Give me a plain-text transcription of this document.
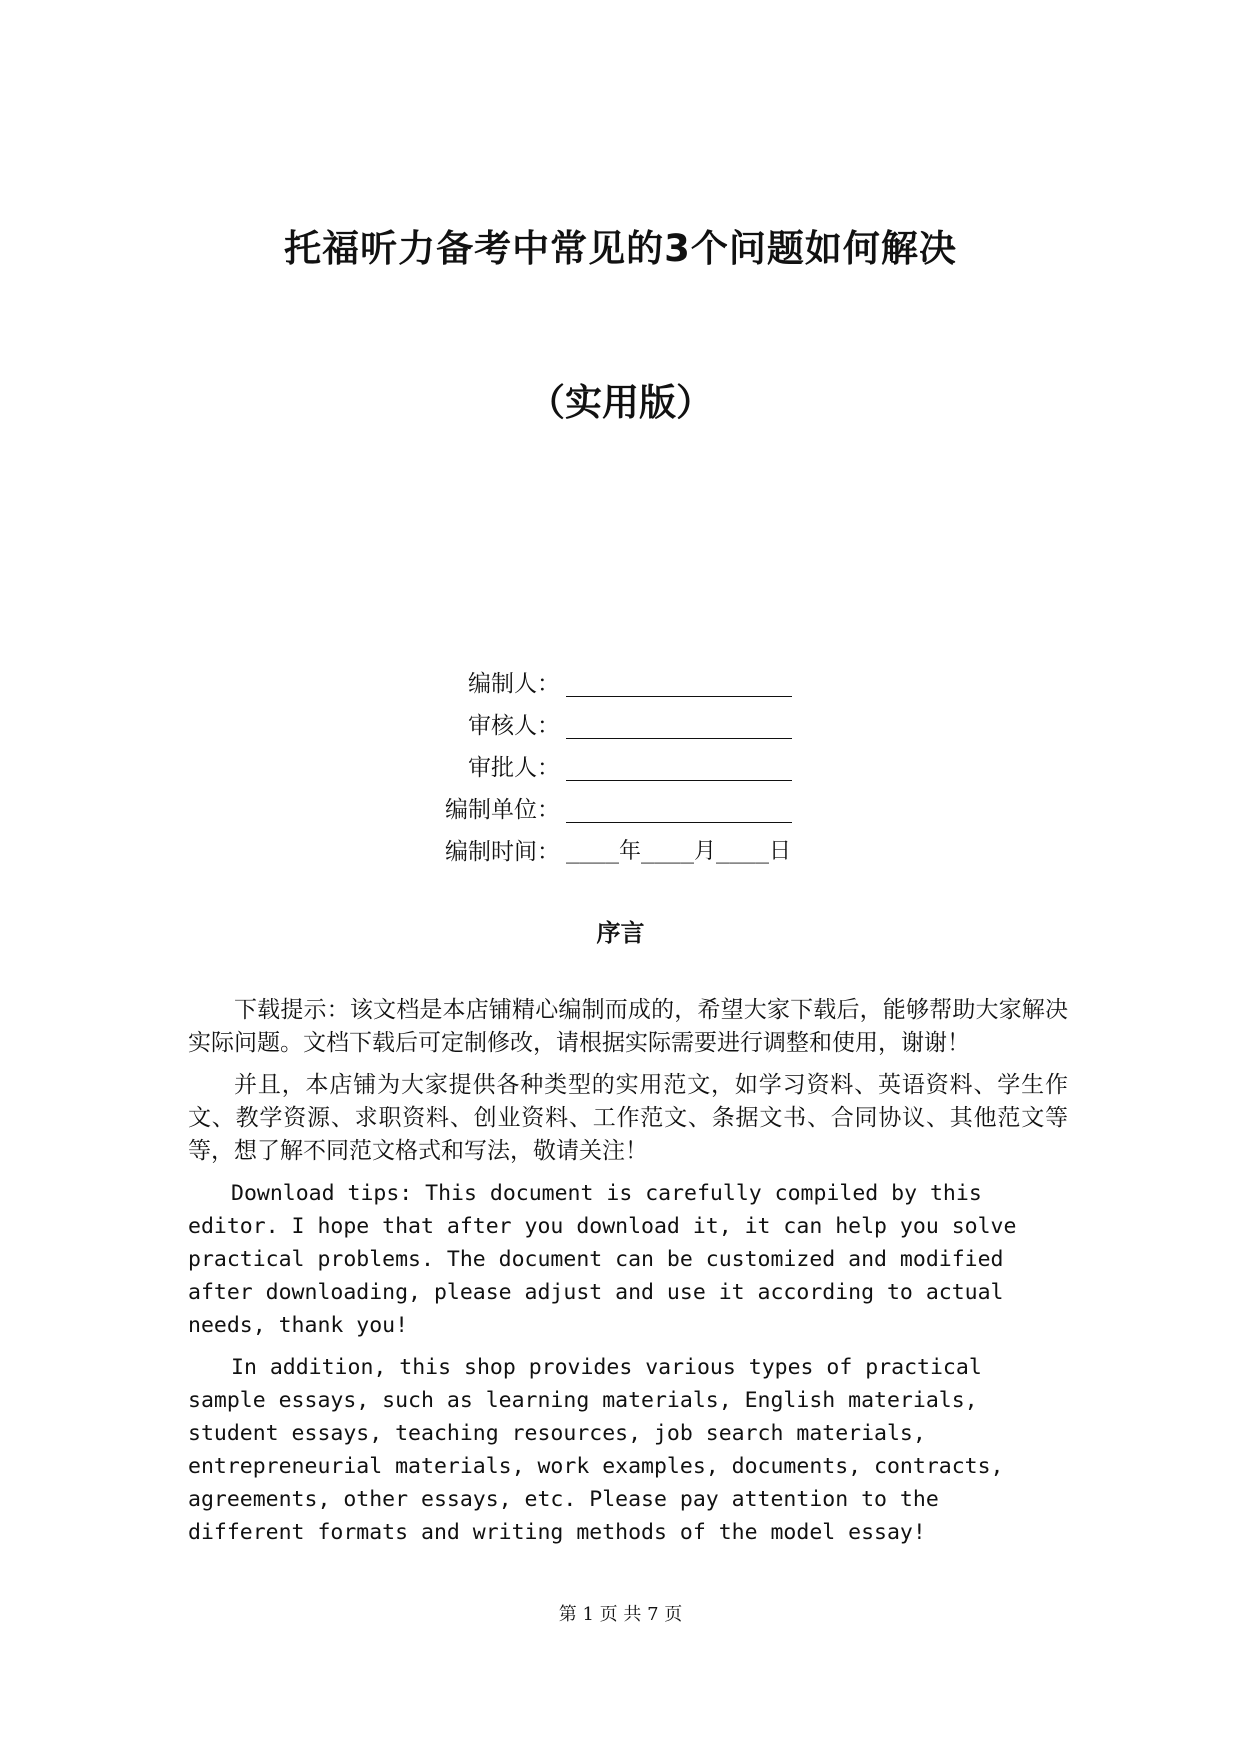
托福听力备考中常见的3个问题如何解决
（实用版）
编制人：
审核人：
审批人：
编制单位：
编制时间： ____年____月____日
序言

下载提示：该文档是本店铺精心编制而成的，希望大家下载后，能够帮助大家解决实际问题。文档下载后可定制修改，请根据实际需要进行调整和使用，谢谢！

并且，本店铺为大家提供各种类型的实用范文，如学习资料、英语资料、学生作文、教学资源、求职资料、创业资料、工作范文、条据文书、合同协议、其他范文等等，想了解不同范文格式和写法，敬请关注！

Download tips: This document is carefully compiled by this editor. I hope that after you download it, it can help you solve practical problems. The document can be customized and modified after downloading, please adjust and use it according to actual needs, thank you!

In addition, this shop provides various types of practical sample essays, such as learning materials, English materials, student essays, teaching resources, job search materials, entrepreneurial materials, work examples, documents, contracts, agreements, other essays, etc. Please pay attention to the different formats and writing methods of the model essay!

第 1 页 共 7 页
